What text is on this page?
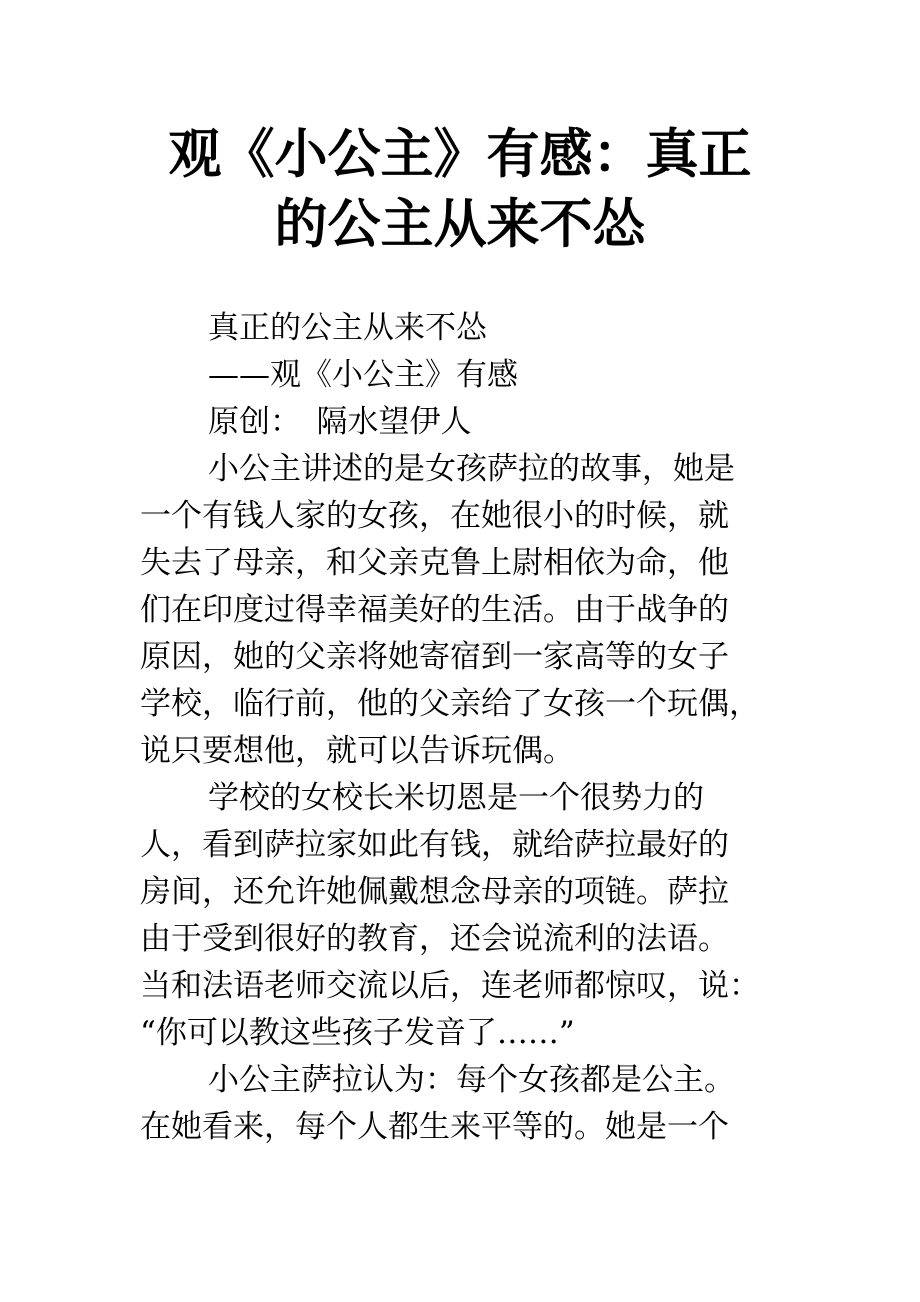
观《小公主》有感：真正
的公主从来不怂
真正的公主从来不怂
——观《小公主》有感
原创：　隔水望伊人
小公主讲述的是女孩萨拉的故事，她是
一个有钱人家的女孩，在她很小的时候，就
失去了母亲，和父亲克鲁上尉相依为命，他
们在印度过得幸福美好的生活。由于战争的
原因，她的父亲将她寄宿到一家高等的女子
学校，临行前，他的父亲给了女孩一个玩偶，
说只要想他，就可以告诉玩偶。
学校的女校长米切恩是一个很势力的
人，看到萨拉家如此有钱，就给萨拉最好的
房间，还允许她佩戴想念母亲的项链。萨拉
由于受到很好的教育，还会说流利的法语。
当和法语老师交流以后，连老师都惊叹，说：
“你可以教这些孩子发音了……”
小公主萨拉认为：每个女孩都是公主。
在她看来，每个人都生来平等的。她是一个
